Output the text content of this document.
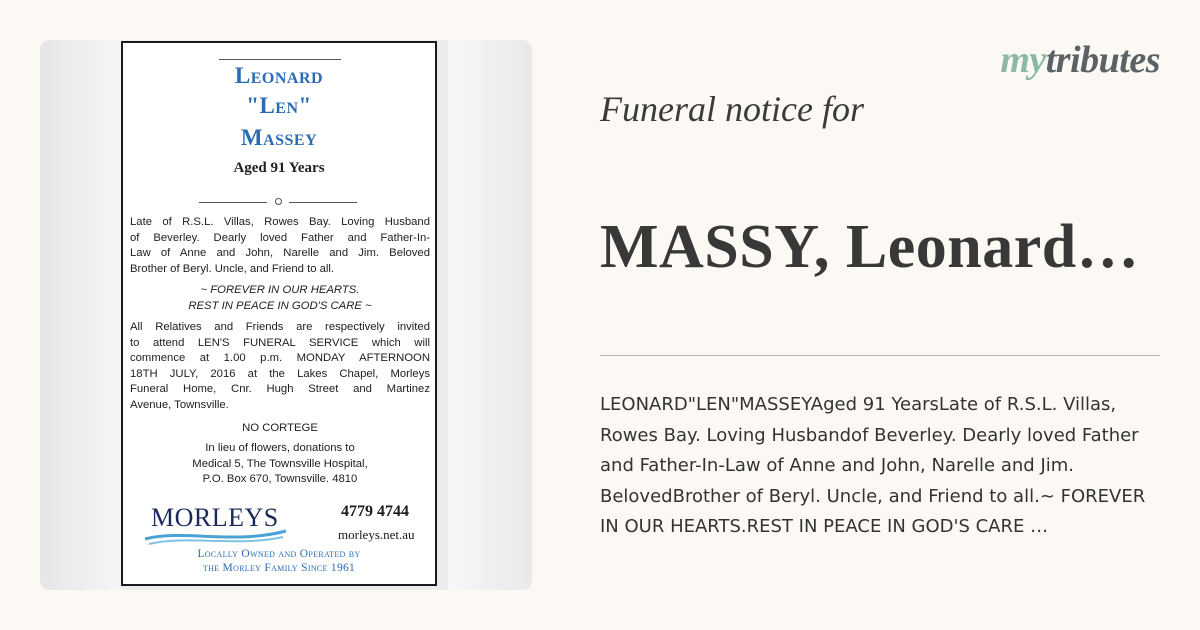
Leonard
"Len"
Massey
Aged 91 Years
Late of R.S.L. Villas, Rowes Bay. Loving Husband
of Beverley. Dearly loved Father and Father-In-
Law of Anne and John, Narelle and Jim. Beloved
Brother of Beryl. Uncle, and Friend to all.
~ FOREVER IN OUR HEARTS.
REST IN PEACE IN GOD'S CARE ~
All Relatives and Friends are respectively invited
to attend LEN'S FUNERAL SERVICE which will
commence at 1.00 p.m. MONDAY AFTERNOON
18TH JULY, 2016 at the Lakes Chapel, Morleys
Funeral Home, Cnr. Hugh Street and Martinez
Avenue, Townsville.
NO CORTEGE
In lieu of flowers, donations to
Medical 5, The Townsville Hospital,
P.O. Box 670, Townsville. 4810
MORLEYS	4779 4744
morleys.net.au
Locally Owned and Operated by
the Morley Family Since 1961
mytributes
Funeral notice for
MASSY, Leonard…
LEONARD"LEN"MASSEYAged 91 YearsLate of R.S.L. Villas, Rowes Bay. Loving Husbandof Beverley. Dearly loved Father and Father-In-Law of Anne and John, Narelle and Jim. BelovedBrother of Beryl. Uncle, and Friend to all.~ FOREVER IN OUR HEARTS.REST IN PEACE IN GOD'S CARE …
